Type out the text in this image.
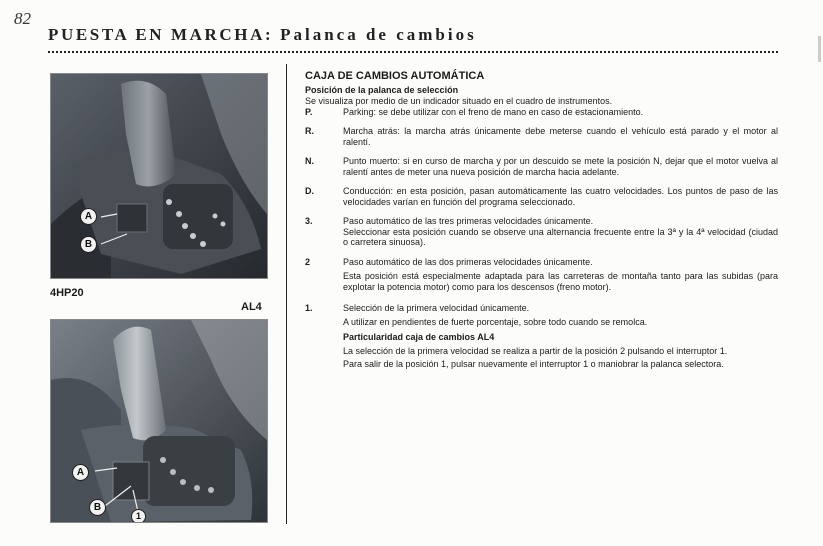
82
PUESTA EN MARCHA: Palanca de cambios
A
B
4HP20
AL4
A
B
1
CAJA DE CAMBIOS AUTOMÁTICA
Posición de la palanca de selección
Se visualiza por medio de un indicador situado en el cuadro de instrumentos.
P.	Parking: se debe utilizar con el freno de mano en caso de estacionamiento.

R.	Marcha atrás: la marcha atrás únicamente debe meterse cuando el vehículo está parado y el motor al ralentí.

N.	Punto muerto: si en curso de marcha y por un descuido se mete la posición N, dejar que el motor vuelva al ralentí antes de meter una nueva posición de marcha hacia adelante.

D.	Conducción: en esta posición, pasan automáticamente las cuatro velocidades. Los puntos de paso de las velocidades varían en función del programa seleccionado.

3.	Paso automático de las tres primeras velocidades únicamente.

Seleccionar esta posición cuando se observe una alternancia frecuente entre la 3ª y la 4ª velocidad (ciudad o carretera sinuosa).

2	Paso automático de las dos primeras velocidades únicamente.

Esta posición está especialmente adaptada para las carreteras de montaña tanto para las subidas (para explotar la potencia motor) como para los descensos (freno motor).

1.	Selección de la primera velocidad únicamente.

A utilizar en pendientes de fuerte porcentaje, sobre todo cuando se remolca.

Particularidad caja de cambios AL4

La selección de la primera velocidad se realiza a partir de la posición 2 pulsando el interruptor 1.

Para salir de la posición 1, pulsar nuevamente el interruptor 1 o maniobrar la palanca selectora.
